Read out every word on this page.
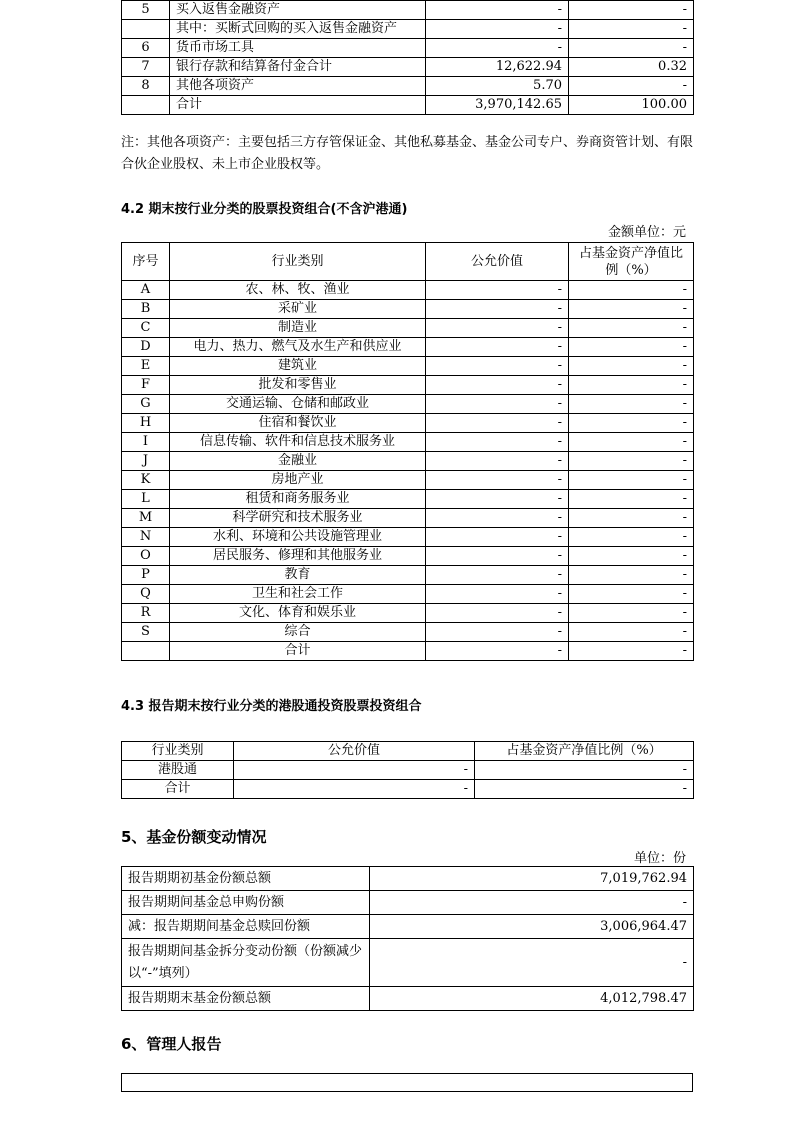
5	买入返售金融资产	-	-
	其中：买断式回购的买入返售金融资产	-	-
6	货币市场工具	-	-
7	银行存款和结算备付金合计	12,622.94	0.32
8	其他各项资产	5.70	-
	合计	3,970,142.65	100.00
注：其他各项资产：主要包括三方存管保证金、其他私募基金、基金公司专户、券商资管计划、有限合伙企业股权、未上市企业股权等。
4.2 期末按行业分类的股票投资组合(不含沪港通)
金额单位：元
序号	行业类别	公允价值	占基金资产净值比例（%）
A	农、林、牧、渔业	-	-
B	采矿业	-	-
C	制造业	-	-
D	电力、热力、燃气及水生产和供应业	-	-
E	建筑业	-	-
F	批发和零售业	-	-
G	交通运输、仓储和邮政业	-	-
H	住宿和餐饮业	-	-
I	信息传输、软件和信息技术服务业	-	-
J	金融业	-	-
K	房地产业	-	-
L	租赁和商务服务业	-	-
M	科学研究和技术服务业	-	-
N	水利、环境和公共设施管理业	-	-
O	居民服务、修理和其他服务业	-	-
P	教育	-	-
Q	卫生和社会工作	-	-
R	文化、体育和娱乐业	-	-
S	综合	-	-
	合计	-	-
4.3 报告期末按行业分类的港股通投资股票投资组合
行业类别	公允价值	占基金资产净值比例（%）
港股通	-	-
合计	-	-
5、基金份额变动情况
单位：份
报告期期初基金份额总额	7,019,762.94
报告期期间基金总申购份额	-
减：报告期期间基金总赎回份额	3,006,964.47
报告期期间基金拆分变动份额（份额减少以“-”填列）	-
报告期期末基金份额总额	4,012,798.47
6、管理人报告
